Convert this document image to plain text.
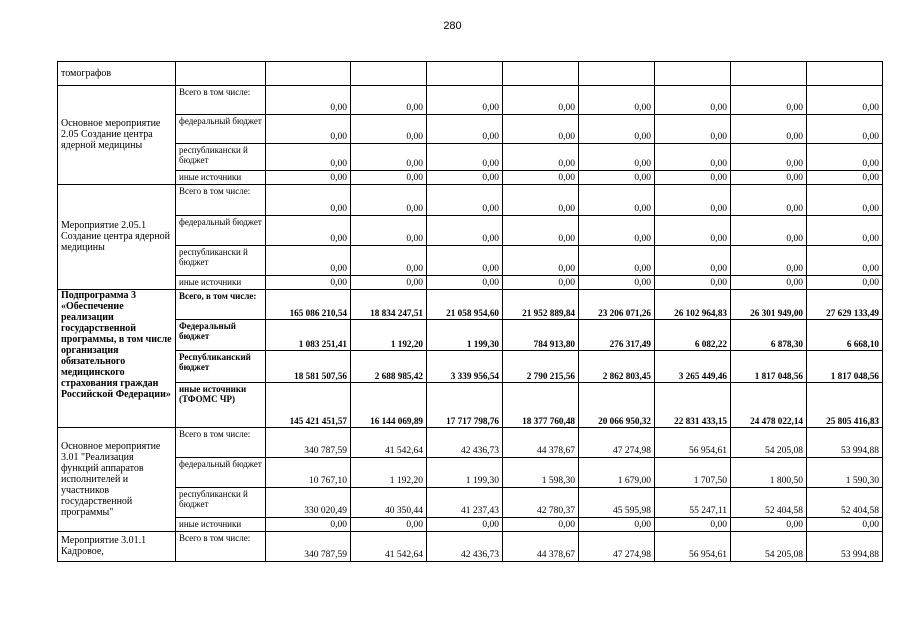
280
томографов									
Основное мероприятие 2.05 Создание центра ядерной медицины	Всего в том числе:	0,00	0,00	0,00	0,00	0,00	0,00	0,00	0,00
	федеральный бюджет	0,00	0,00	0,00	0,00	0,00	0,00	0,00	0,00
	республикански й бюджет	0,00	0,00	0,00	0,00	0,00	0,00	0,00	0,00
	иные источники	0,00	0,00	0,00	0,00	0,00	0,00	0,00	0,00
Мероприятие 2.05.1 Создание центра ядерной медицины	Всего в том числе:	0,00	0,00	0,00	0,00	0,00	0,00	0,00	0,00
	федеральный бюджет	0,00	0,00	0,00	0,00	0,00	0,00	0,00	0,00
	республикански й бюджет	0,00	0,00	0,00	0,00	0,00	0,00	0,00	0,00
	иные источники	0,00	0,00	0,00	0,00	0,00	0,00	0,00	0,00
Подпрограмма 3 «Обеспечение реализации государственной программы, в том числе организация обязательного медицинского страхования граждан Российской Федерации»	Всего, в том числе:	165 086 210,54	18 834 247,51	21 058 954,60	21 952 889,84	23 206 071,26	26 102 964,83	26 301 949,00	27 629 133,49
	Федеральный бюджет	1 083 251,41	1 192,20	1 199,30	784 913,80	276 317,49	6 082,22	6 878,30	6 668,10
	Республиканский бюджет	18 581 507,56	2 688 985,42	3 339 956,54	2 790 215,56	2 862 803,45	3 265 449,46	1 817 048,56	1 817 048,56
	иные источники (ТФОМС ЧР)	145 421 451,57	16 144 069,89	17 717 798,76	18 377 760,48	20 066 950,32	22 831 433,15	24 478 022,14	25 805 416,83
Основное мероприятие 3.01 "Реализация функций аппаратов исполнителей и участников государственной программы"	Всего в том числе:	340 787,59	41 542,64	42 436,73	44 378,67	47 274,98	56 954,61	54 205,08	53 994,88
	федеральный бюджет	10 767,10	1 192,20	1 199,30	1 598,30	1 679,00	1 707,50	1 800,50	1 590,30
	республикански й бюджет	330 020,49	40 350,44	41 237,43	42 780,37	45 595,98	55 247,11	52 404,58	52 404,58
	иные источники	0,00	0,00	0,00	0,00	0,00	0,00	0,00	0,00
Мероприятие 3.01.1 Кадровое,	Всего в том числе:	340 787,59	41 542,64	42 436,73	44 378,67	47 274,98	56 954,61	54 205,08	53 994,88
